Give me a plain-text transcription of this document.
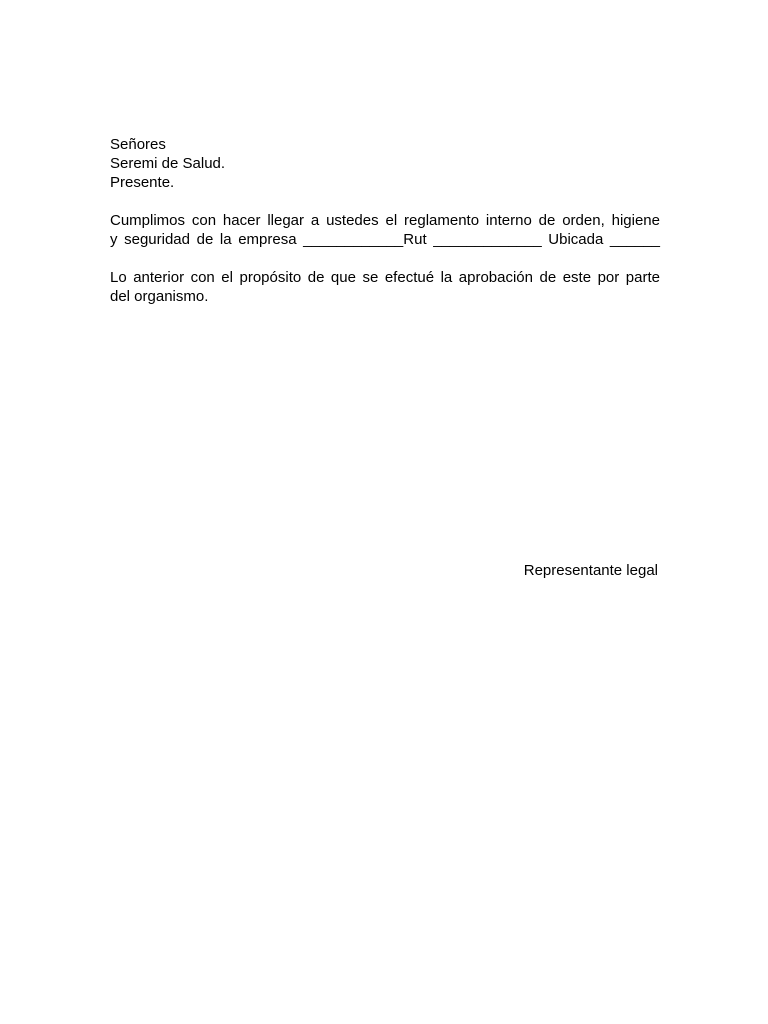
Señores
Seremi de Salud.
Presente.
Cumplimos con hacer llegar a ustedes el reglamento interno de orden, higiene
y seguridad de la empresa ____________Rut _____________ Ubicada ______
Lo anterior con el propósito de que se efectué la aprobación de este por parte
del organismo.
Representante legal
